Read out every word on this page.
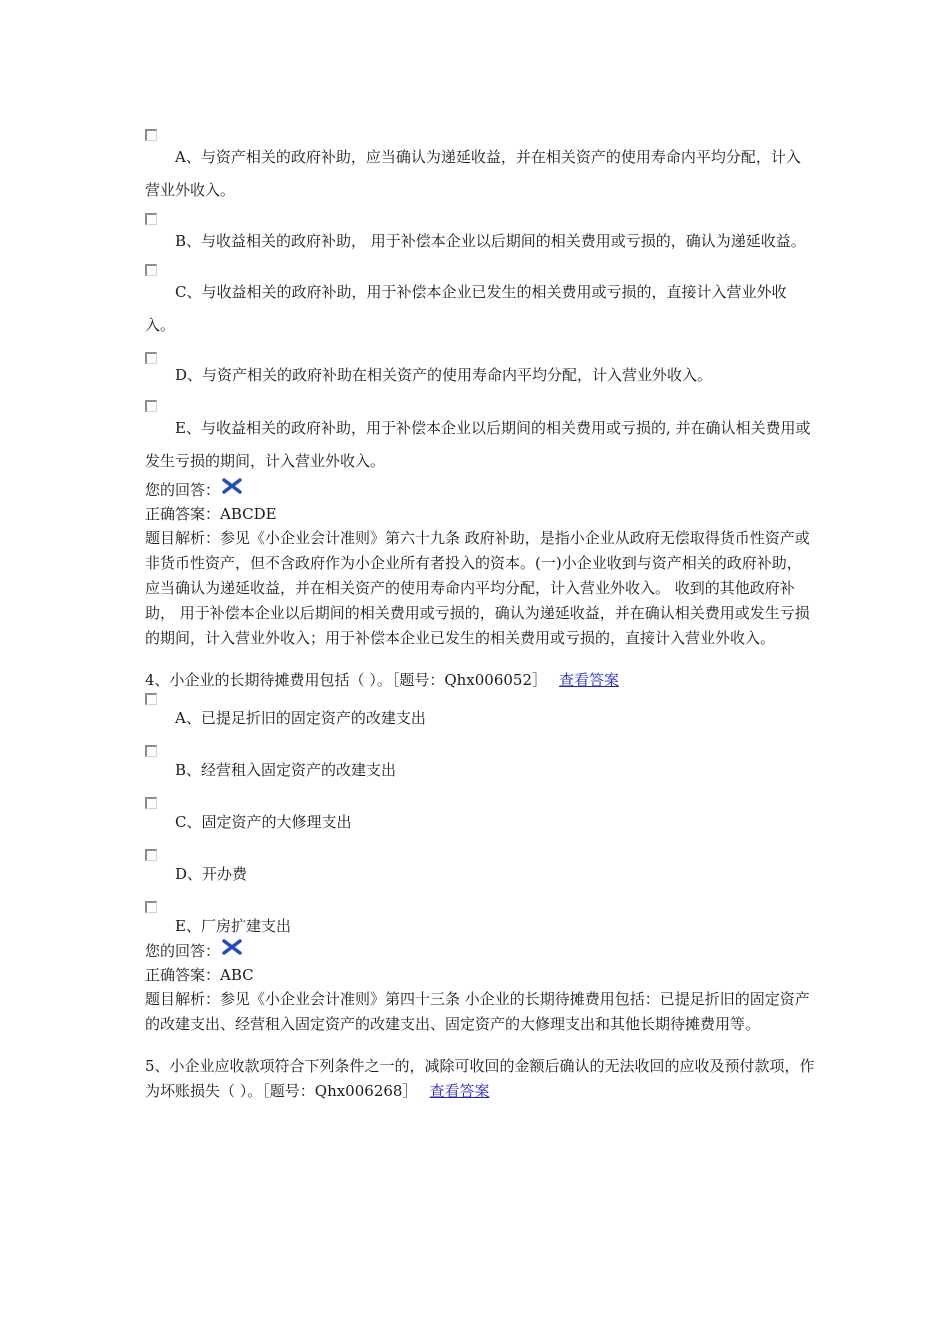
A、与资产相关的政府补助，应当确认为递延收益，并在相关资产的使用寿命内平均分配，计入营业外收入。

B、与收益相关的政府补助， 用于补偿本企业以后期间的相关费用或亏损的，确认为递延收益。

C、与收益相关的政府补助，用于补偿本企业已发生的相关费用或亏损的，直接计入营业外收入。

D、与资产相关的政府补助在相关资产的使用寿命内平均分配，计入营业外收入。

E、与收益相关的政府补助，用于补偿本企业以后期间的相关费用或亏损的, 并在确认相关费用或发生亏损的期间，计入营业外收入。

您的回答：

正确答案：ABCDE

题目解析：参见《小企业会计准则》第六十九条 政府补助，是指小企业从政府无偿取得货币性资产或非货币性资产，但不含政府作为小企业所有者投入的资本。(一)小企业收到与资产相关的政府补助，应当确认为递延收益，并在相关资产的使用寿命内平均分配，计入营业外收入。 收到的其他政府补助， 用于补偿本企业以后期间的相关费用或亏损的，确认为递延收益，并在确认相关费用或发生亏损的期间，计入营业外收入；用于补偿本企业已发生的相关费用或亏损的，直接计入营业外收入。

4、小企业的长期待摊费用包括（ ）。［题号：Qhx006052］ 查看答案

A、已提足折旧的固定资产的改建支出

B、经营租入固定资产的改建支出

C、固定资产的大修理支出

D、开办费

E、厂房扩建支出

您的回答：

正确答案：ABC

题目解析：参见《小企业会计准则》第四十三条 小企业的长期待摊费用包括：已提足折旧的固定资产的改建支出、经营租入固定资产的改建支出、固定资产的大修理支出和其他长期待摊费用等。

5、小企业应收款项符合下列条件之一的，减除可收回的金额后确认的无法收回的应收及预付款项，作为坏账损失（ ）。［题号：Qhx006268］ 查看答案
